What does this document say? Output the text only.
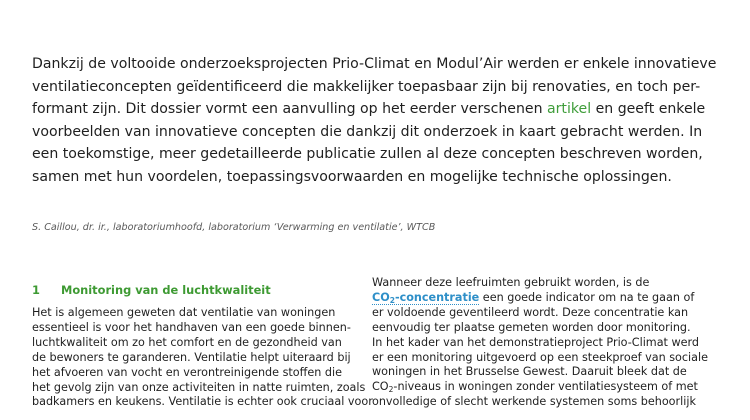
Dankzij de voltooide onderzoeksprojecten Prio-Climat en Modul’Air werden er enkele innovatieve
ventilatieconcepten geïdentificeerd die makkelijker toepasbaar zijn bij renovaties, en toch per-
formant zijn. Dit dossier vormt een aanvulling op het eerder verschenen artikel en geeft enkele
voorbeelden van innovatieve concepten die dankzij dit onderzoek in kaart gebracht werden. In
een toekomstige, meer gedetailleerde publicatie zullen al deze concepten beschreven worden,
samen met hun voordelen, toepassingsvoorwaarden en mogelijke technische oplossingen.
S. Caillou, dr. ir., laboratoriumhoofd, laboratorium ‘Verwarming en ventilatie’, WTCB
1 Monitoring van de luchtkwaliteit
Het is algemeen geweten dat ventilatie van woningen
essentieel is voor het handhaven van een goede binnen-
luchtkwaliteit om zo het comfort en de gezondheid van
de bewoners te garanderen. Ventilatie helpt uiteraard bij
het afvoeren van vocht en verontreinigende stoffen die
het gevolg zijn van onze activiteiten in natte ruimten, zoals
badkamers en keukens. Ventilatie is echter ook cruciaal voor
Wanneer deze leefruimten gebruikt worden, is de
$CO_2$-concentratie een goede indicator om na te gaan of
er voldoende geventileerd wordt. Deze concentratie kan
eenvoudig ter plaatse gemeten worden door monitoring.
In het kader van het demonstratieproject Prio-Climat werd
er een monitoring uitgevoerd op een steekproef van sociale
woningen in het Brusselse Gewest. Daaruit bleek dat de
$CO_2$-niveaus in woningen zonder ventilatiesysteem of met
onvolledige of slecht werkende systemen soms behoorlijk
